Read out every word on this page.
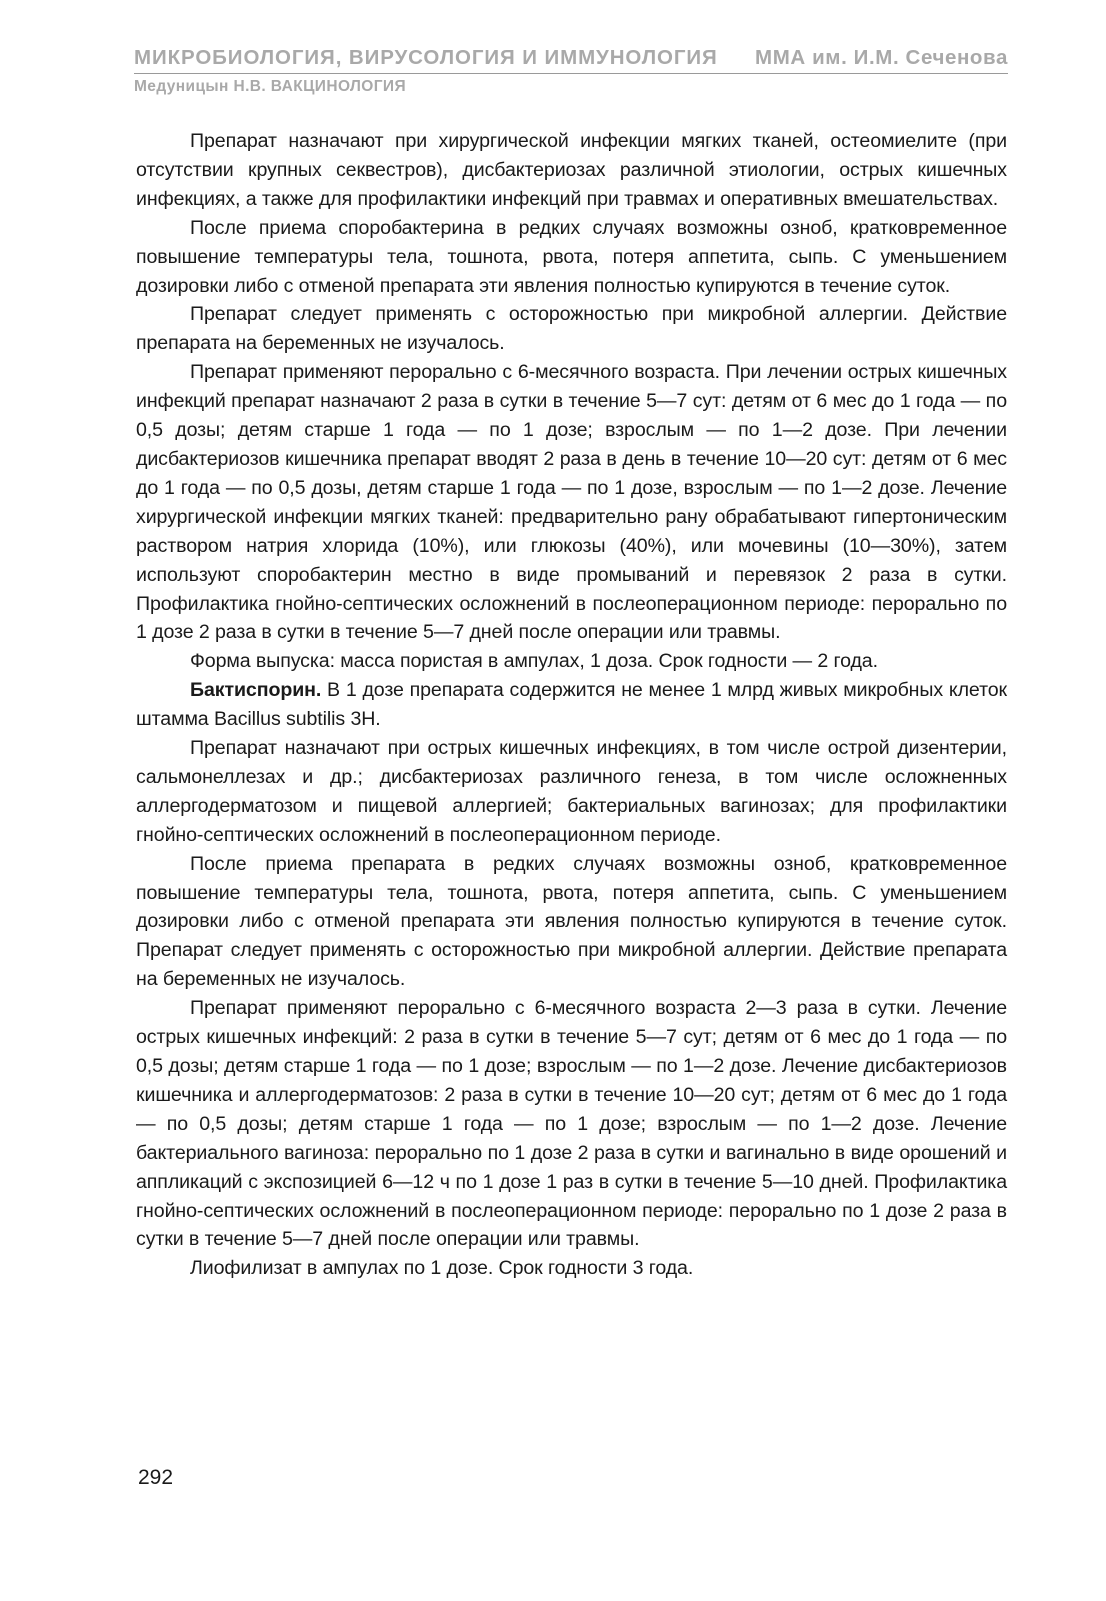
МИКРОБИОЛОГИЯ, ВИРУСОЛОГИЯ И ИММУНОЛОГИЯ ММА им. И.М. Сеченова
Медуницын Н.В. ВАКЦИНОЛОГИЯ

Препарат назначают при хирургической инфекции мягких тканей, остеомиелите (при отсутствии крупных секвестров), дисбактериозах различной этиологии, острых кишечных инфекциях, а также для профилактики инфекций при травмах и оперативных вмешательствах.

После приема споробактерина в редких случаях возможны озноб, кратковременное повышение температуры тела, тошнота, рвота, потеря аппетита, сыпь. С уменьшением дозировки либо с отменой препарата эти явления полностью купируются в течение суток.

Препарат следует применять с осторожностью при микробной аллергии. Действие препарата на беременных не изучалось.

Препарат применяют перорально с 6-месячного возраста. При лечении острых кишечных инфекций препарат назначают 2 раза в сутки в течение 5—7 сут: детям от 6 мес до 1 года — по 0,5 дозы; детям старше 1 года — по 1 дозе; взрослым — по 1—2 дозе. При лечении дисбактериозов кишечника препарат вводят 2 раза в день в течение 10—20 сут: детям от 6 мес до 1 года — по 0,5 дозы, детям старше 1 года — по 1 дозе, взрослым — по 1—2 дозе. Лечение хирургической инфекции мягких тканей: предварительно рану обрабатывают гипертоническим раствором натрия хлорида (10%), или глюкозы (40%), или мочевины (10—30%), затем используют споробактерин местно в виде промываний и перевязок 2 раза в сутки. Профилактика гнойно-септических осложнений в послеоперационном периоде: перорально по 1 дозе 2 раза в сутки в течение 5—7 дней после операции или травмы.

Форма выпуска: масса пористая в ампулах, 1 доза. Срок годности — 2 года.

Бактиспорин. В 1 дозе препарата содержится не менее 1 млрд живых микробных клеток штамма Bacillus subtilis 3H.

Препарат назначают при острых кишечных инфекциях, в том числе острой дизентерии, сальмонеллезах и др.; дисбактериозах различного генеза, в том числе осложненных аллергодерматозом и пищевой аллергией; бактериальных вагинозах; для профилактики гнойно-септических осложнений в послеоперационном периоде.

После приема препарата в редких случаях возможны озноб, кратковременное повышение температуры тела, тошнота, рвота, потеря аппетита, сыпь. С уменьшением дозировки либо с отменой препарата эти явления полностью купируются в течение суток. Препарат следует применять с осторожностью при микробной аллергии. Действие препарата на беременных не изучалось.

Препарат применяют перорально с 6-месячного возраста 2—3 раза в сутки. Лечение острых кишечных инфекций: 2 раза в сутки в течение 5—7 сут; детям от 6 мес до 1 года — по 0,5 дозы; детям старше 1 года — по 1 дозе; взрослым — по 1—2 дозе. Лечение дисбактериозов кишечника и аллергодерматозов: 2 раза в сутки в течение 10—20 сут; детям от 6 мес до 1 года — по 0,5 дозы; детям старше 1 года — по 1 дозе; взрослым — по 1—2 дозе. Лечение бактериального вагиноза: перорально по 1 дозе 2 раза в сутки и вагинально в виде орошений и аппликаций с экспозицией 6—12 ч по 1 дозе 1 раз в сутки в течение 5—10 дней. Профилактика гнойно-септических осложнений в послеоперационном периоде: перорально по 1 дозе 2 раза в сутки в течение 5—7 дней после операции или травмы.

Лиофилизат в ампулах по 1 дозе. Срок годности 3 года.

292
